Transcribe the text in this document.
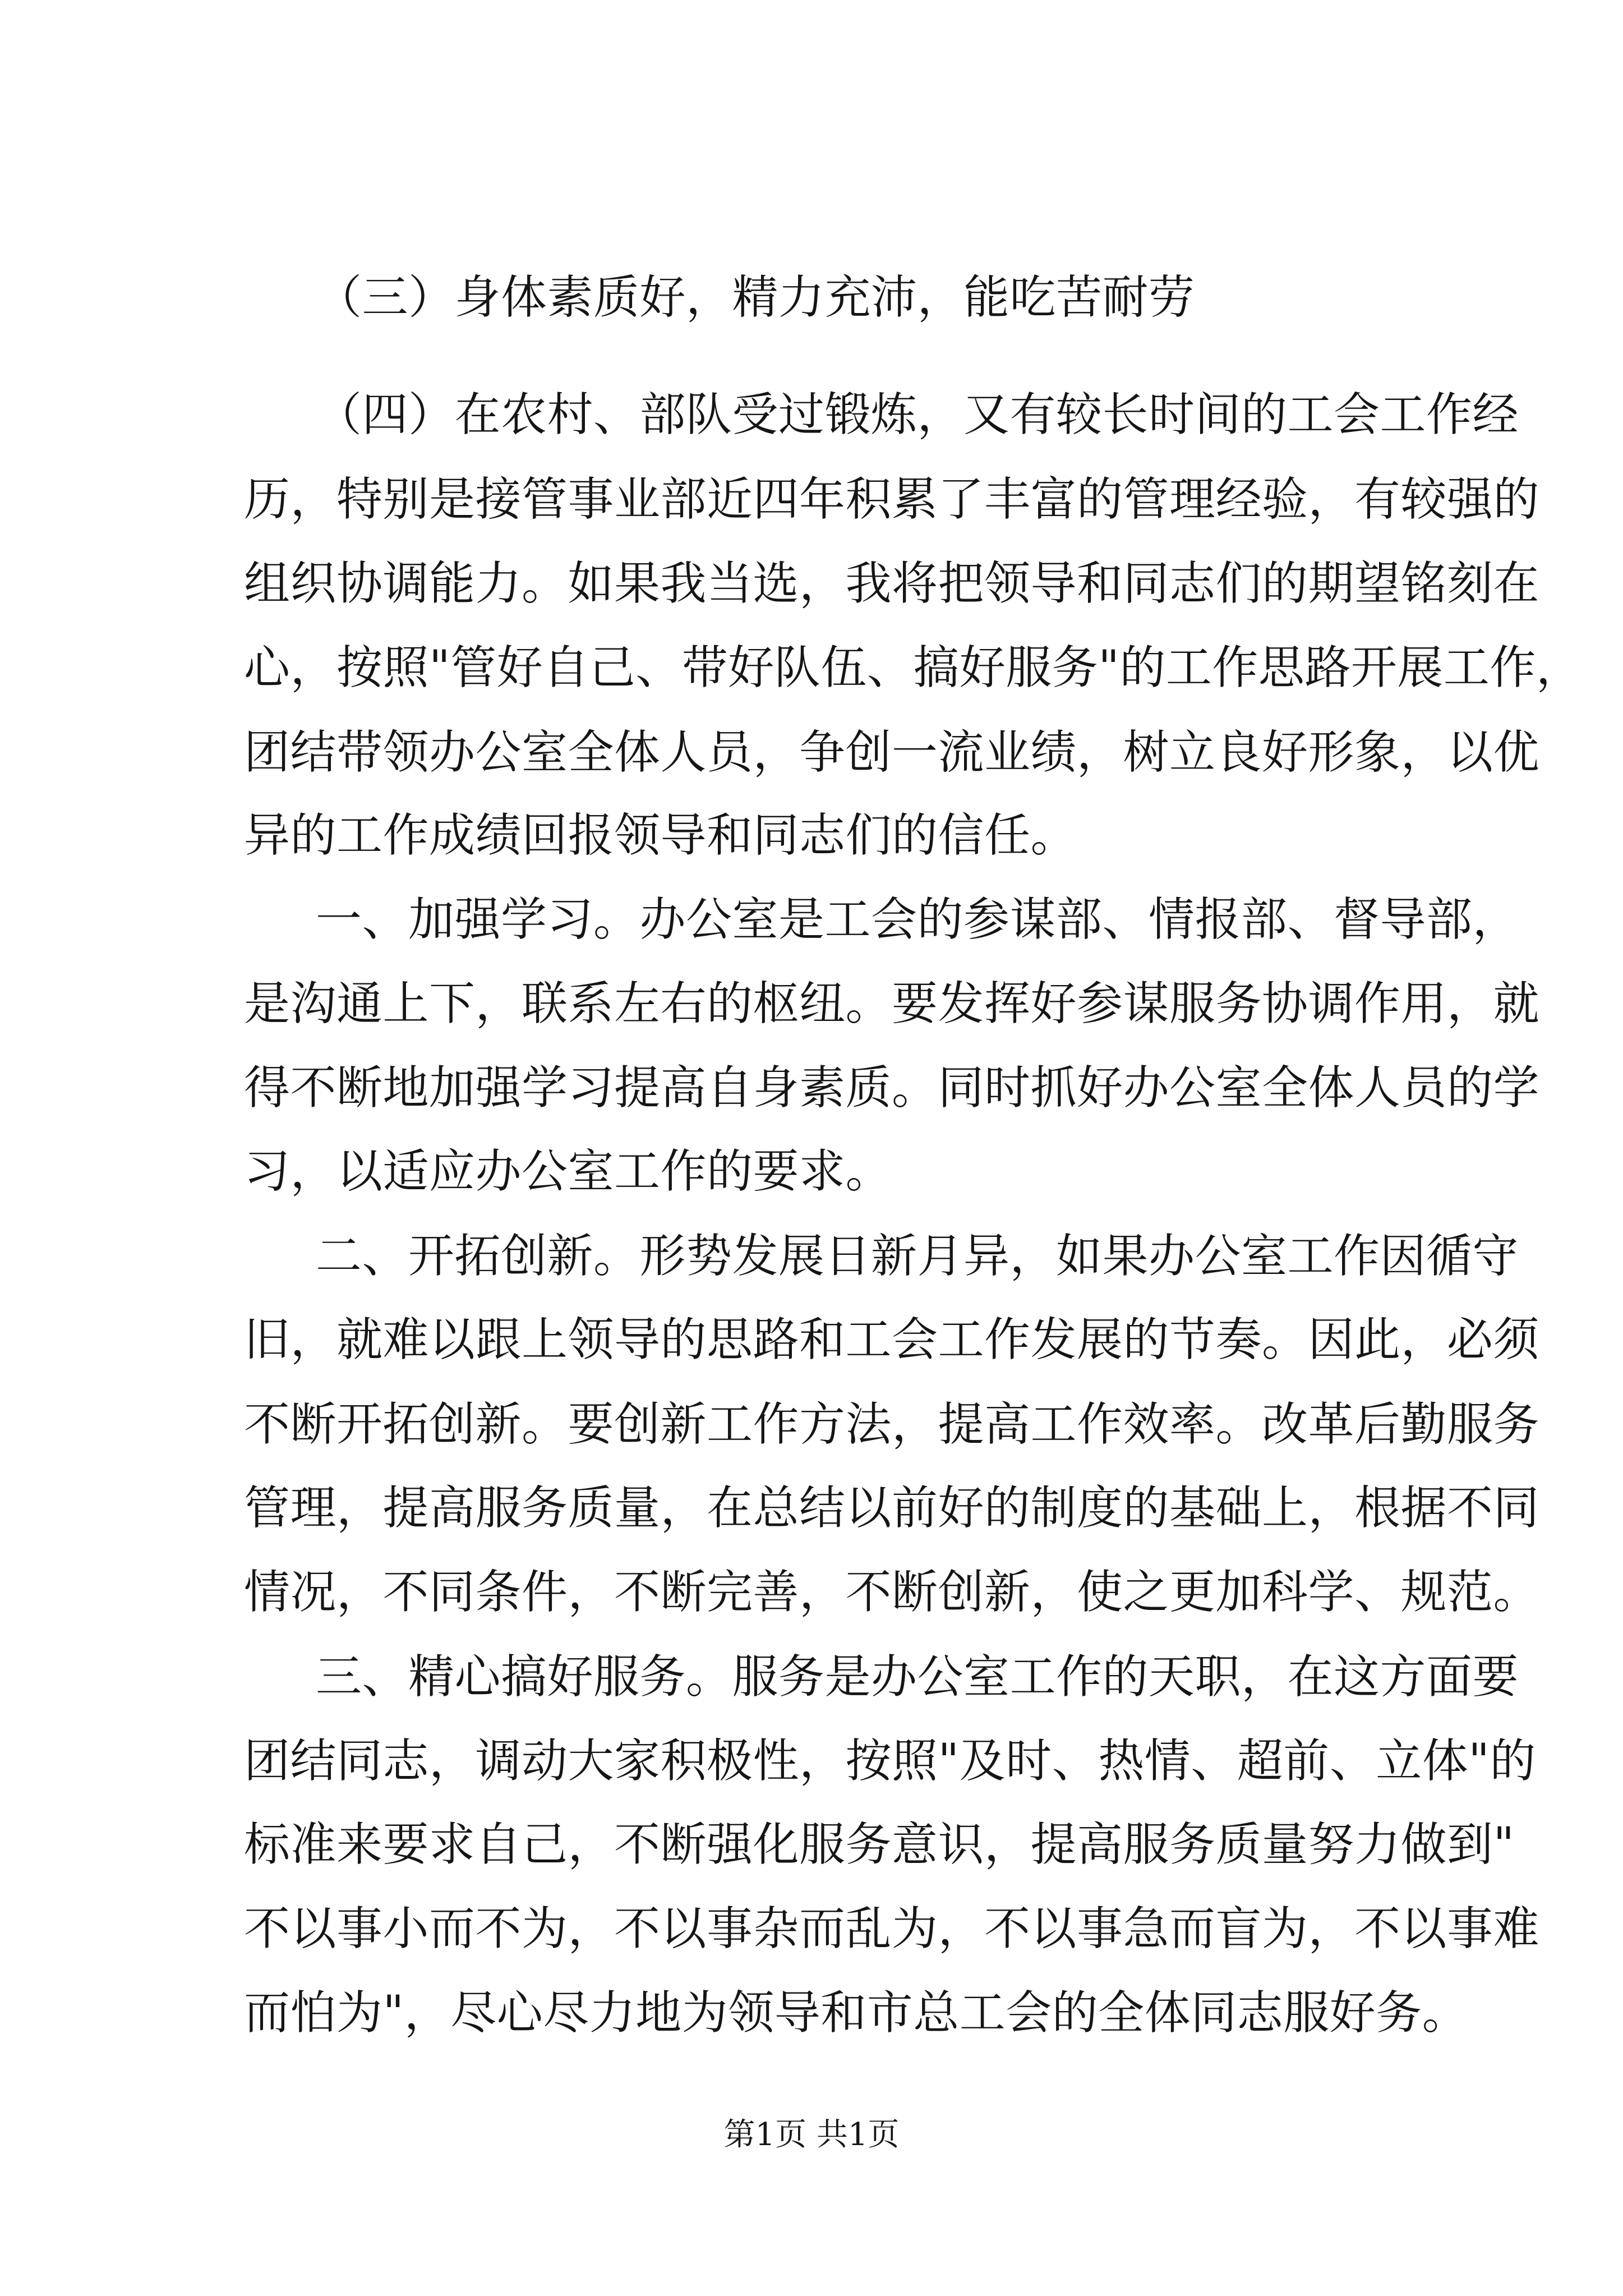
（三）身体素质好，精力充沛，能吃苦耐劳
（四）在农村、部队受过锻炼，又有较长时间的工会工作经
历，特别是接管事业部近四年积累了丰富的管理经验，有较强的
组织协调能力。如果我当选，我将把领导和同志们的期望铭刻在
心，按照"管好自己、带好队伍、搞好服务"的工作思路开展工作，
团结带领办公室全体人员，争创一流业绩，树立良好形象，以优
异的工作成绩回报领导和同志们的信任。
一、加强学习。办公室是工会的参谋部、情报部、督导部，
是沟通上下，联系左右的枢纽。要发挥好参谋服务协调作用，就
得不断地加强学习提高自身素质。同时抓好办公室全体人员的学
习，以适应办公室工作的要求。
二、开拓创新。形势发展日新月异，如果办公室工作因循守
旧，就难以跟上领导的思路和工会工作发展的节奏。因此，必须
不断开拓创新。要创新工作方法，提高工作效率。改革后勤服务
管理，提高服务质量，在总结以前好的制度的基础上，根据不同
情况，不同条件，不断完善，不断创新，使之更加科学、规范。
三、精心搞好服务。服务是办公室工作的天职，在这方面要
团结同志，调动大家积极性，按照"及时、热情、超前、立体"的
标准来要求自己，不断强化服务意识，提高服务质量努力做到"
不以事小而不为，不以事杂而乱为，不以事急而盲为，不以事难
而怕为"，尽心尽力地为领导和市总工会的全体同志服好务。
第1页 共1页
